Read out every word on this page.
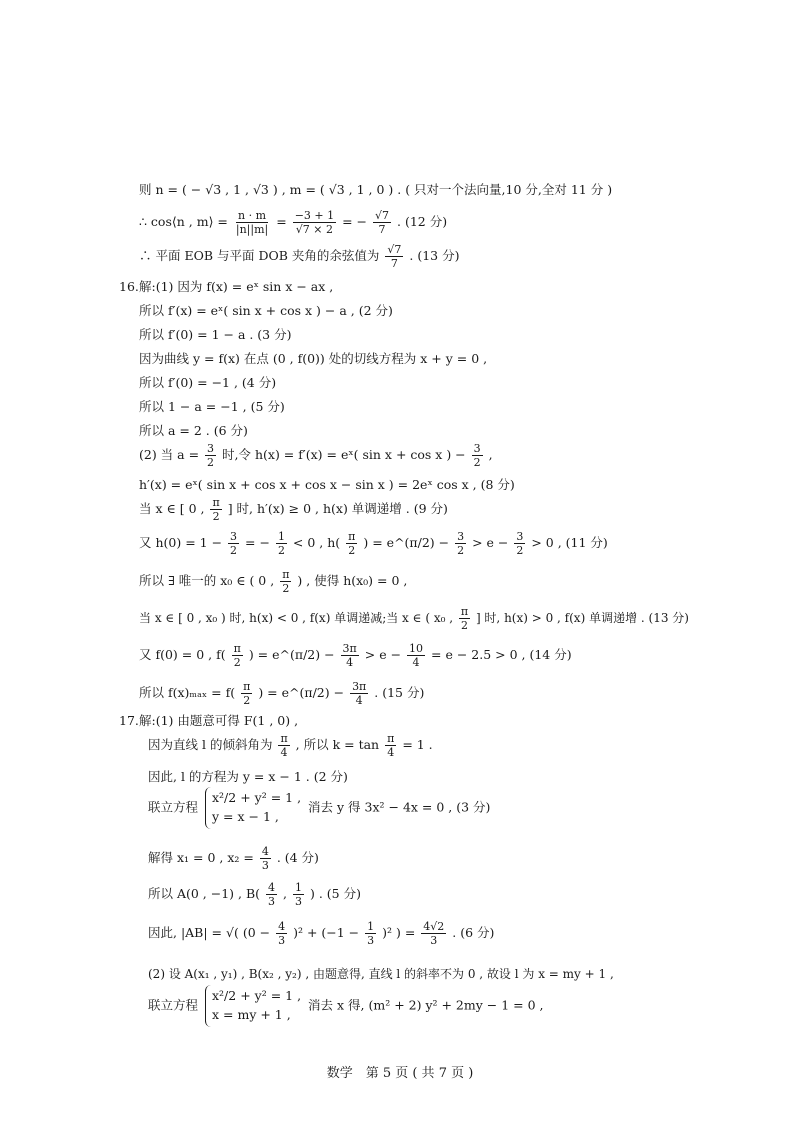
则 n = ( − √3 , 1 , √3 ) , m = ( √3 , 1 , 0 ) . ( 只对一个法向量,10 分,全对 11 分 )
∴ cos⟨n , m⟩ = $\frac{n \cdot m}{|n||m|} = \frac{-3 + 1}{√7 \times 2}$ = − $\frac{√7}{7}$ . (12 分)
∴ 平面 EOB 与平面 DOB 夹角的余弦值为 $\frac{√7}{7}$ . (13 分)
16. 解:(1) 因为 f(x) = eˣ sin x − ax ,
所以 f′(x) = eˣ( sin x + cos x ) − a , (2 分)
所以 f′(0) = 1 − a . (3 分)
因为曲线 y = f(x) 在点 (0 , f(0)) 处的切线方程为 x + y = 0 ,
所以 f′(0) = −1 , (4 分)
所以 1 − a = −1 , (5 分)
所以 a = 2 . (6 分)
(2) 当 $a = \frac{3}{2}$ 时,令 h(x) = f′(x) = eˣ( sin x + cos x ) − $\frac{3}{2}$ ,
h′(x) = eˣ( sin x + cos x + cos x − sin x ) = 2eˣ cos x , (8 分)
当 x ∈ [ 0 , $\frac{\pi}{2}$ ] 时, h′(x) ≥ 0 , h(x) 单调递增 . (9 分)
又 $h(0) = 1 - \frac{3}{2}$ = − $\frac{1}{2} < 0$ , $h( \frac{\pi}{2}$ ) = e^(π/2) − $\frac{3}{2} > e - \frac{3}{2} > 0$ , (11 分)
所以 ∃ 唯一的 x₀ ∈ ( 0 , $\frac{\pi}{2}$ ) , 使得 h(x₀) = 0 ,
当 x ∈ [ 0 , x₀ ) 时, h(x) < 0 , f(x) 单调递减;当 x ∈ ( x₀ , $\frac{\pi}{2}$ ] 时, h(x) > 0 , f(x) 单调递增 . (13 分)
又 f(0) = 0 , $f( \frac{\pi}{2}$ ) = e^(π/2) − $\frac{3\pi}{4} > e - \frac{10}{4} = e - 2.5 > 0$ , (14 分)
所以 $f(x)_{max} = f( \frac{\pi}{2}$ ) = e^(π/2) − $\frac{3\pi}{4}$ . (15 分)
17. 解:(1) 由题意可得 F(1 , 0) ,
因为直线 l 的倾斜角为 $\frac{\pi}{4}$ , 所以 $k = \tan \frac{\pi}{4} = 1$ .
因此, l 的方程为 y = x − 1 . (2 分)
联立方程
x²/2 + y² = 1 ,
y = x − 1 ,
消去 y 得 3x² − 4x = 0 , (3 分)
解得 x₁ = 0 , $x_2 = \frac{4}{3}$ . (4 分)
所以 A(0 , −1) , $B( \frac{4}{3}$ , $\frac{1}{3}$ ) . (5 分)
因此, |AB| = √( $(0 - \frac{4}{3} )^2 + (-1 - \frac{1}{3} )^2$ ) = $\frac{4√2}{3}$ . (6 分)
(2) 设 A(x₁ , y₁) , B(x₂ , y₂) , 由题意得, 直线 l 的斜率不为 0 , 故设 l 为 x = my + 1 ,
联立方程
x²/2 + y² = 1 ,
x = my + 1 ,
消去 x 得, (m² + 2) y² + 2my − 1 = 0 ,
数学　第 5 页 ( 共 7 页 )
